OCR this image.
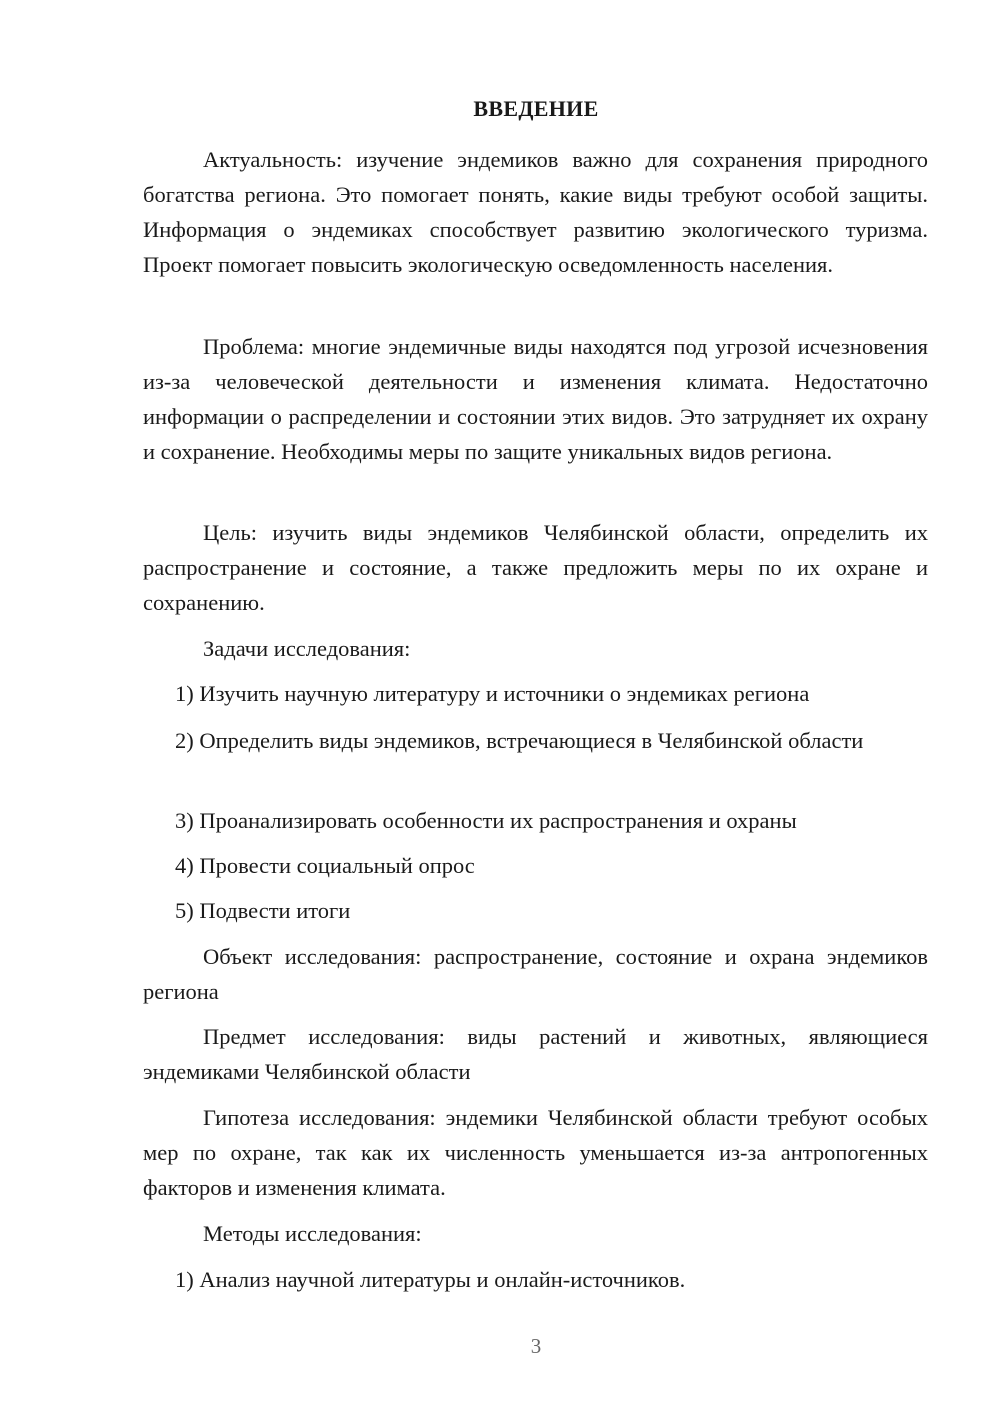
ВВЕДЕНИЕ

Актуальность: изучение эндемиков важно для сохранения природного богатства региона. Это помогает понять, какие виды требуют особой защиты. Информация о эндемиках способствует развитию экологического туризма. Проект помогает повысить экологическую осведомленность населения.

Проблема: многие эндемичные виды находятся под угрозой исчезновения из-за человеческой деятельности и изменения климата. Недостаточно информации о распределении и состоянии этих видов. Это затрудняет их охрану и сохранение. Необходимы меры по защите уникальных видов региона.

Цель: изучить виды эндемиков Челябинской области, определить их распространение и состояние, а также предложить меры по их охране и сохранению.

Задачи исследования:

1) Изучить научную литературу и источники о эндемиках региона

2) Определить виды эндемиков, встречающиеся в Челябинской области

3) Проанализировать особенности их распространения и охраны

4) Провести социальный опрос

5) Подвести итоги

Объект исследования: распространение, состояние и охрана эндемиков региона

Предмет исследования: виды растений и животных, являющиеся эндемиками Челябинской области

Гипотеза исследования: эндемики Челябинской области требуют особых мер по охране, так как их численность уменьшается из-за антропогенных факторов и изменения климата.

Методы исследования:

1) Анализ научной литературы и онлайн-источников.

3
